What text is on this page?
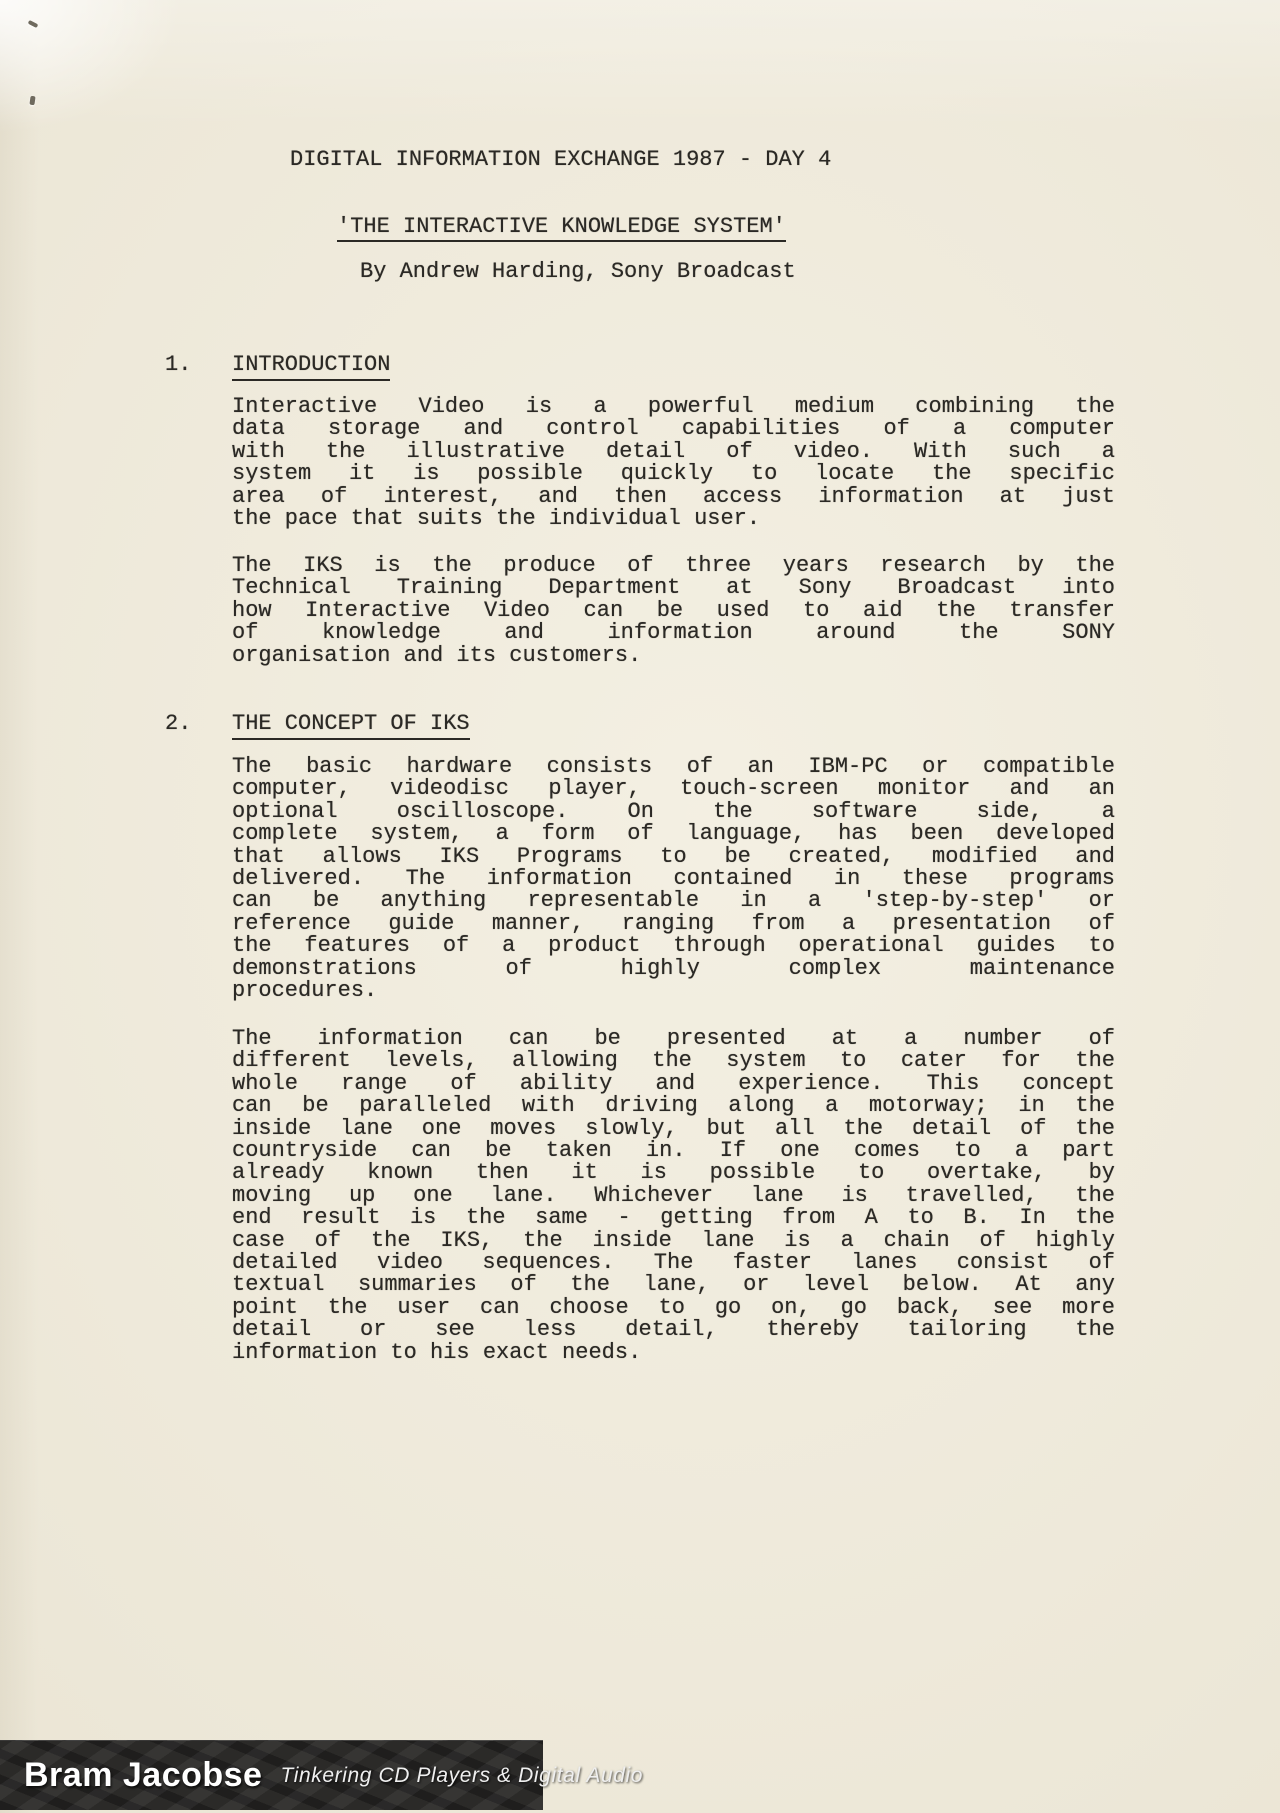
DIGITAL INFORMATION EXCHANGE 1987 - DAY 4
'THE INTERACTIVE KNOWLEDGE SYSTEM'
By Andrew Harding, Sony Broadcast
1. INTRODUCTION
Interactive Video is a powerful medium combining the
data storage and control capabilities of a computer
with the illustrative detail of video. With such a
system it is possible quickly to locate the specific
area of interest, and then access information at just
the pace that suits the individual user.
The IKS is the produce of three years research by the
Technical Training Department at Sony Broadcast into
how Interactive Video can be used to aid the transfer
of knowledge and information around the SONY
organisation and its customers.
2. THE CONCEPT OF IKS
The basic hardware consists of an IBM-PC or compatible
computer, videodisc player, touch-screen monitor and an
optional oscilloscope. On the software side, a
complete system, a form of language, has been developed
that allows IKS Programs to be created, modified and
delivered. The information contained in these programs
can be anything representable in a 'step-by-step' or
reference guide manner, ranging from a presentation of
the features of a product through operational guides to
demonstrations of highly complex maintenance
procedures.
The information can be presented at a number of
different levels, allowing the system to cater for the
whole range of ability and experience. This concept
can be paralleled with driving along a motorway; in the
inside lane one moves slowly, but all the detail of the
countryside can be taken in. If one comes to a part
already known then it is possible to overtake, by
moving up one lane. Whichever lane is travelled, the
end result is the same - getting from A to B. In the
case of the IKS, the inside lane is a chain of highly
detailed video sequences. The faster lanes consist of
textual summaries of the lane, or level below. At any
point the user can choose to go on, go back, see more
detail or see less detail, thereby tailoring the
information to his exact needs.
Bram Jacobse Tinkering CD Players & Digital Audio
